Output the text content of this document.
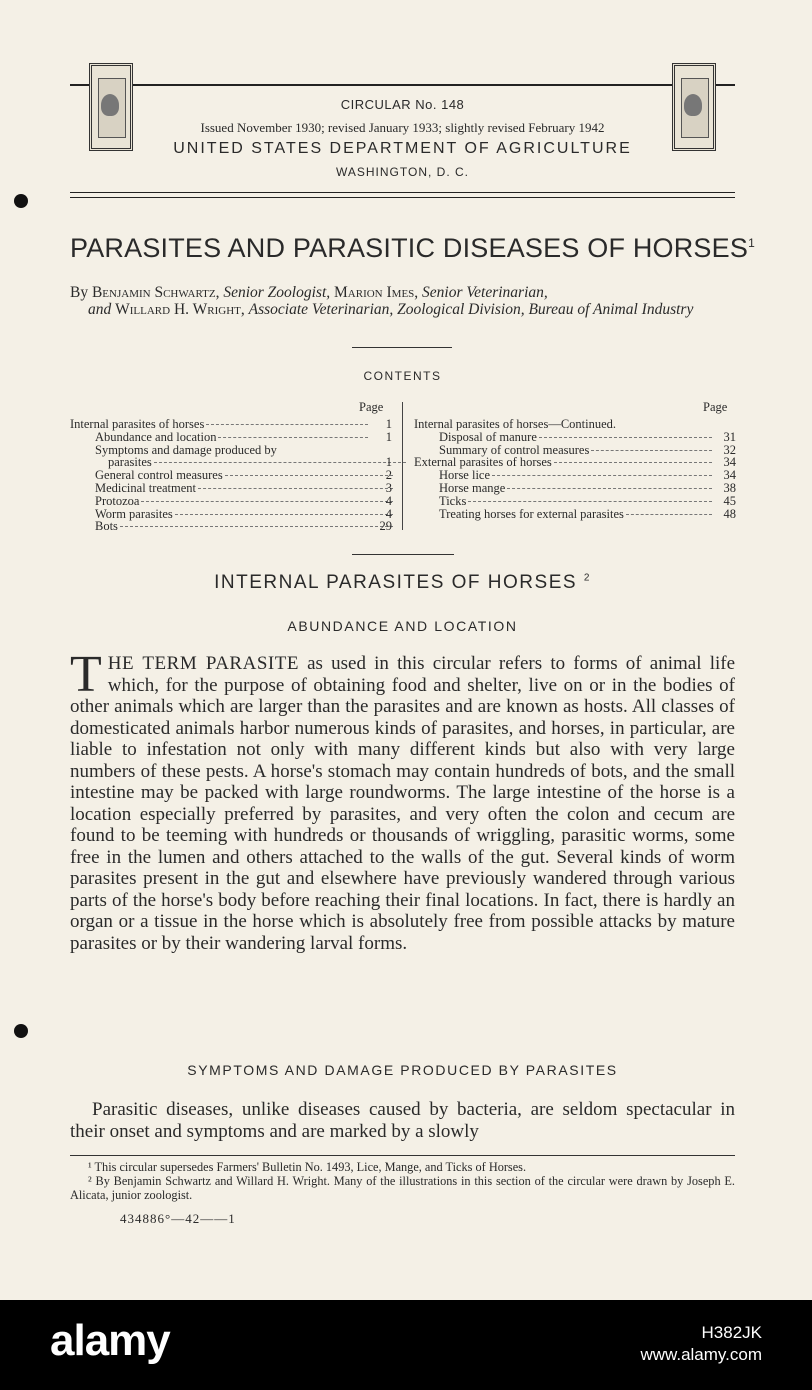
CIRCULAR No. 148
Issued November 1930; revised January 1933; slightly revised February 1942
UNITED STATES DEPARTMENT OF AGRICULTURE
WASHINGTON, D. C.
PARASITES AND PARASITIC DISEASES OF HORSES$^1$
By Benjamin Schwartz, Senior Zoologist, Marion Imes, Senior Veterinarian,
and Willard H. Wright, Associate Veterinarian, Zoological Division, Bureau of Animal Industry
CONTENTS
Page	Page
Internal parasites of horses	1
Abundance and location	1
Symptoms and damage produced by
parasites	1
General control measures	2
Medicinal treatment	3
Protozoa	4
Worm parasites	4
Bots	29
Internal parasites of horses—Continued.
Disposal of manure	31
Summary of control measures	32
External parasites of horses	34
Horse lice	34
Horse mange	38
Ticks	45
Treating horses for external parasites	48
INTERNAL PARASITES OF HORSES $^2$
ABUNDANCE AND LOCATION
THE TERM PARASITE as used in this circular refers to forms of animal life which, for the purpose of obtaining food and shelter, live on or in the bodies of other animals which are larger than the parasites and are known as hosts. All classes of domesticated animals harbor numerous kinds of parasites, and horses, in particular, are liable to infestation not only with many different kinds but also with very large numbers of these pests. A horse's stomach may contain hundreds of bots, and the small intestine may be packed with large roundworms. The large intestine of the horse is a location especially preferred by parasites, and very often the colon and cecum are found to be teeming with hundreds or thousands of wriggling, parasitic worms, some free in the lumen and others attached to the walls of the gut. Several kinds of worm parasites present in the gut and elsewhere have previously wandered through various parts of the horse's body before reaching their final locations. In fact, there is hardly an organ or a tissue in the horse which is absolutely free from possible attacks by mature parasites or by their wandering larval forms.
SYMPTOMS AND DAMAGE PRODUCED BY PARASITES
Parasitic diseases, unlike diseases caused by bacteria, are seldom spectacular in their onset and symptoms and are marked by a slowly
¹ This circular supersedes Farmers' Bulletin No. 1493, Lice, Mange, and Ticks of Horses.
² By Benjamin Schwartz and Willard H. Wright. Many of the illustrations in this section of the circular were drawn by Joseph E. Alicata, junior zoologist.
434886°—42——1
alamy	H382JK
www.alamy.com
